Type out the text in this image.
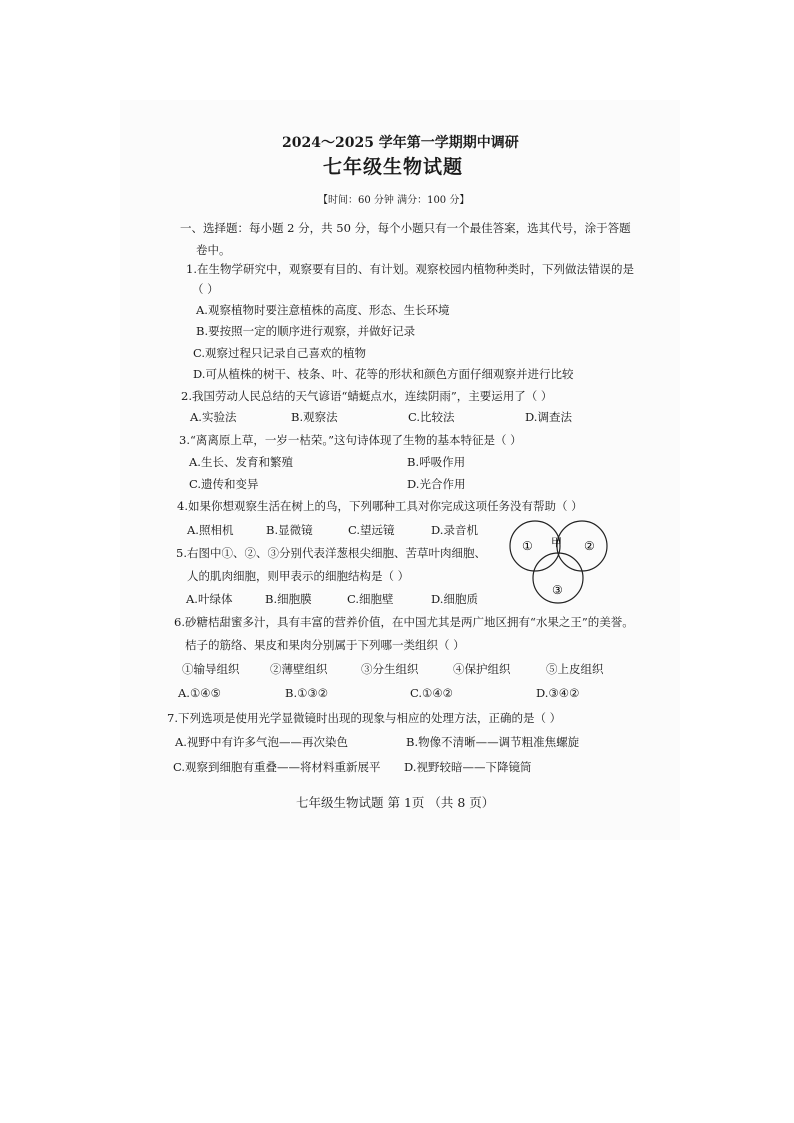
2024～2025 学年第一学期期中调研
七年级生物试题
【时间：60 分钟 满分：100 分】
一、选择题：每小题 2 分，共 50 分，每个小题只有一个最佳答案，选其代号，涂于答题
卷中。
1.在生物学研究中，观察要有目的、有计划。观察校园内植物种类时，下列做法错误的是
（ ）
A.观察植物时要注意植株的高度、形态、生长环境
B.要按照一定的顺序进行观察，并做好记录
C.观察过程只记录自己喜欢的植物
D.可从植株的树干、枝条、叶、花等的形状和颜色方面仔细观察并进行比较
2.我国劳动人民总结的天气谚语“蜻蜓点水，连续阴雨”，主要运用了（ ）
A.实验法	B.观察法	C.比较法	D.调查法
3.“离离原上草，一岁一枯荣。”这句诗体现了生物的基本特征是（ ）
A.生长、发育和繁殖	B.呼吸作用
C.遗传和变异	D.光合作用
4.如果你想观察生活在树上的鸟，下列哪种工具对你完成这项任务没有帮助（ ）
A.照相机	B.显微镜	C.望远镜	D.录音机
5.右图中①、②、③分别代表洋葱根尖细胞、苦草叶肉细胞、
人的肌肉细胞，则甲表示的细胞结构是（ ）
A.叶绿体	B.细胞膜	C.细胞壁	D.细胞质
①	②
③
甲
6.砂糖桔甜蜜多汁，具有丰富的营养价值，在中国尤其是两广地区拥有“水果之王”的美誉。
桔子的筋络、果皮和果肉分别属于下列哪一类组织（ ）
①输导组织	②薄壁组织	③分生组织	④保护组织	⑤上皮组织
A.①④⑤	B.①③②	C.①④②	D.③④②
7.下列选项是使用光学显微镜时出现的现象与相应的处理方法，正确的是（ ）
A.视野中有许多气泡——再次染色	B.物像不清晰——调节粗准焦螺旋
C.观察到细胞有重叠——将材料重新展平 D.视野较暗——下降镜筒
七年级生物试题 第 1页 （共 8 页）
